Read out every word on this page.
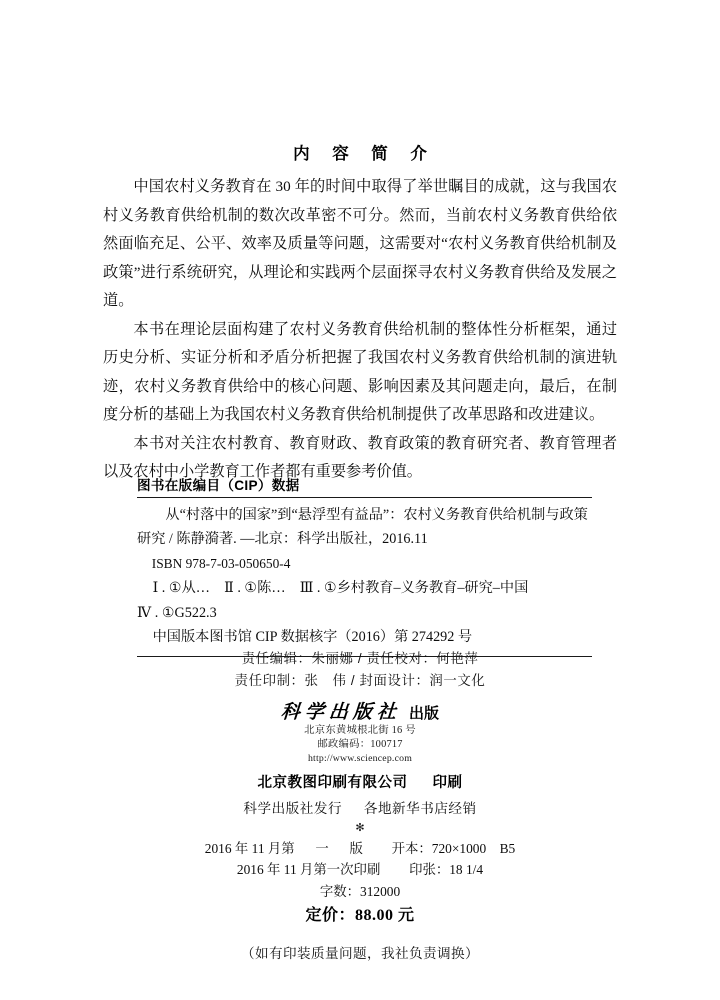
内 容 简 介

中国农村义务教育在 30 年的时间中取得了举世瞩目的成就，这与我国农村义务教育供给机制的数次改革密不可分。然而，当前农村义务教育供给依然面临充足、公平、效率及质量等问题，这需要对“农村义务教育供给机制及政策”进行系统研究，从理论和实践两个层面探寻农村义务教育供给及发展之道。

本书在理论层面构建了农村义务教育供给机制的整体性分析框架，通过历史分析、实证分析和矛盾分析把握了我国农村义务教育供给机制的演进轨迹，农村义务教育供给中的核心问题、影响因素及其问题走向，最后，在制度分析的基础上为我国农村义务教育供给机制提供了改革思路和改进建议。

本书对关注农村教育、教育财政、教育政策的教育研究者、教育管理者以及农村中小学教育工作者都有重要参考价值。

图书在版编目（CIP）数据

从“村落中的国家”到“悬浮型有益品”：农村义务教育供给机制与政策研究 / 陈静漪著. —北京：科学出版社，2016.11

ISBN 978-7-03-050650-4

Ⅰ . ①从…　Ⅱ . ①陈…　Ⅲ . ①乡村教育–义务教育–研究–中国

Ⅳ . ①G522.3

中国版本图书馆 CIP 数据核字（2016）第 274292 号

责任编辑：朱丽娜 / 责任校对：何艳萍

责任印制：张　伟 / 封面设计：润一文化

科学出版社 出版

北京东黄城根北街 16 号

邮政编码：100717

http://www.sciencep.com

北京教图印刷有限公司 印刷
科学出版社发行 各地新华书店经销
✻

2016 年 11 月第 一 版 开本：720×1000　B5

2016 年 11 月第一次印刷 印张：18 1/4

字数：312000

定价：88.00 元

（如有印装质量问题，我社负责调换）
